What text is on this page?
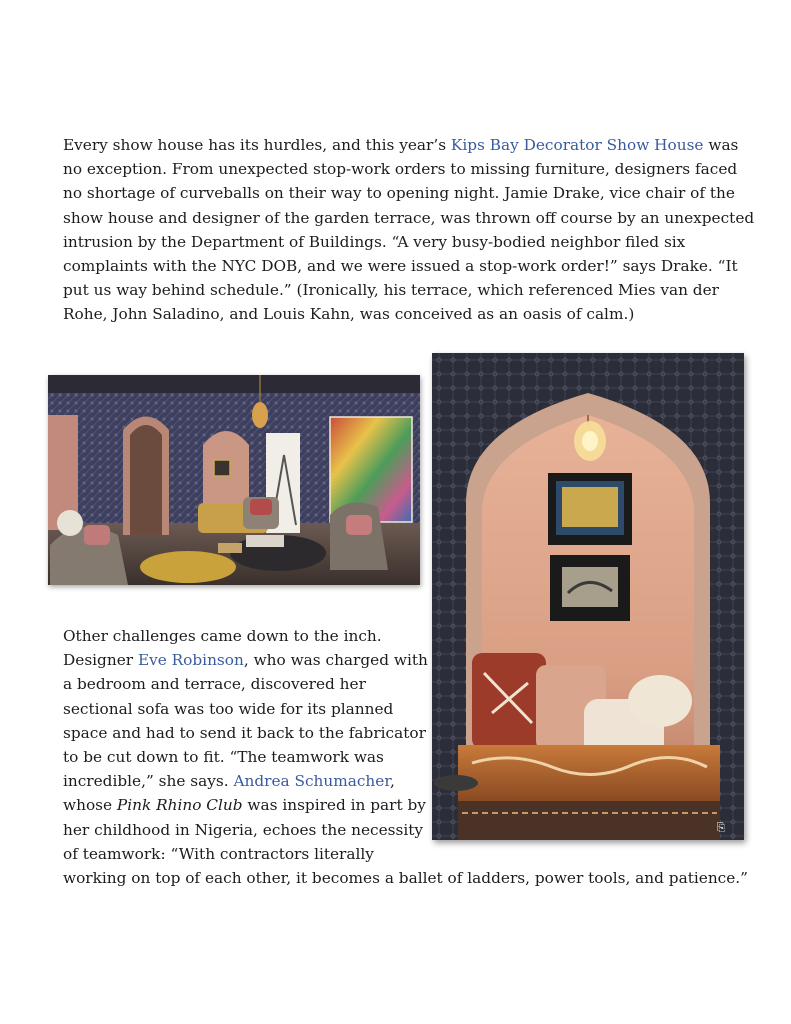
Every show house has its hurdles, and this year’s Kips Bay Decorator Show House was
no exception. From unexpected stop-work orders to missing furniture, designers faced
no shortage of curveballs on their way to opening night. Jamie Drake, vice chair of the
show house and designer of the garden terrace, was thrown off course by an unexpected
intrusion by the Department of Buildings. “A very busy-bodied neighbor filed six
complaints with the NYC DOB, and we were issued a stop-work order!” says Drake. “It
put us way behind schedule.” (Ironically, his terrace, which referenced Mies van der
Rohe, John Saladino, and Louis Kahn, was conceived as an oasis of calm.)

⎘

Other challenges came down to the inch.
Designer Eve Robinson, who was charged with
a bedroom and terrace, discovered her
sectional sofa was too wide for its planned
space and had to send it back to the fabricator
to be cut down to fit. “The teamwork was
incredible,” she says. Andrea Schumacher,
whose Pink Rhino Club was inspired in part by
her childhood in Nigeria, echoes the necessity
of teamwork: “With contractors literally
working on top of each other, it becomes a ballet of ladders, power tools, and patience.”
